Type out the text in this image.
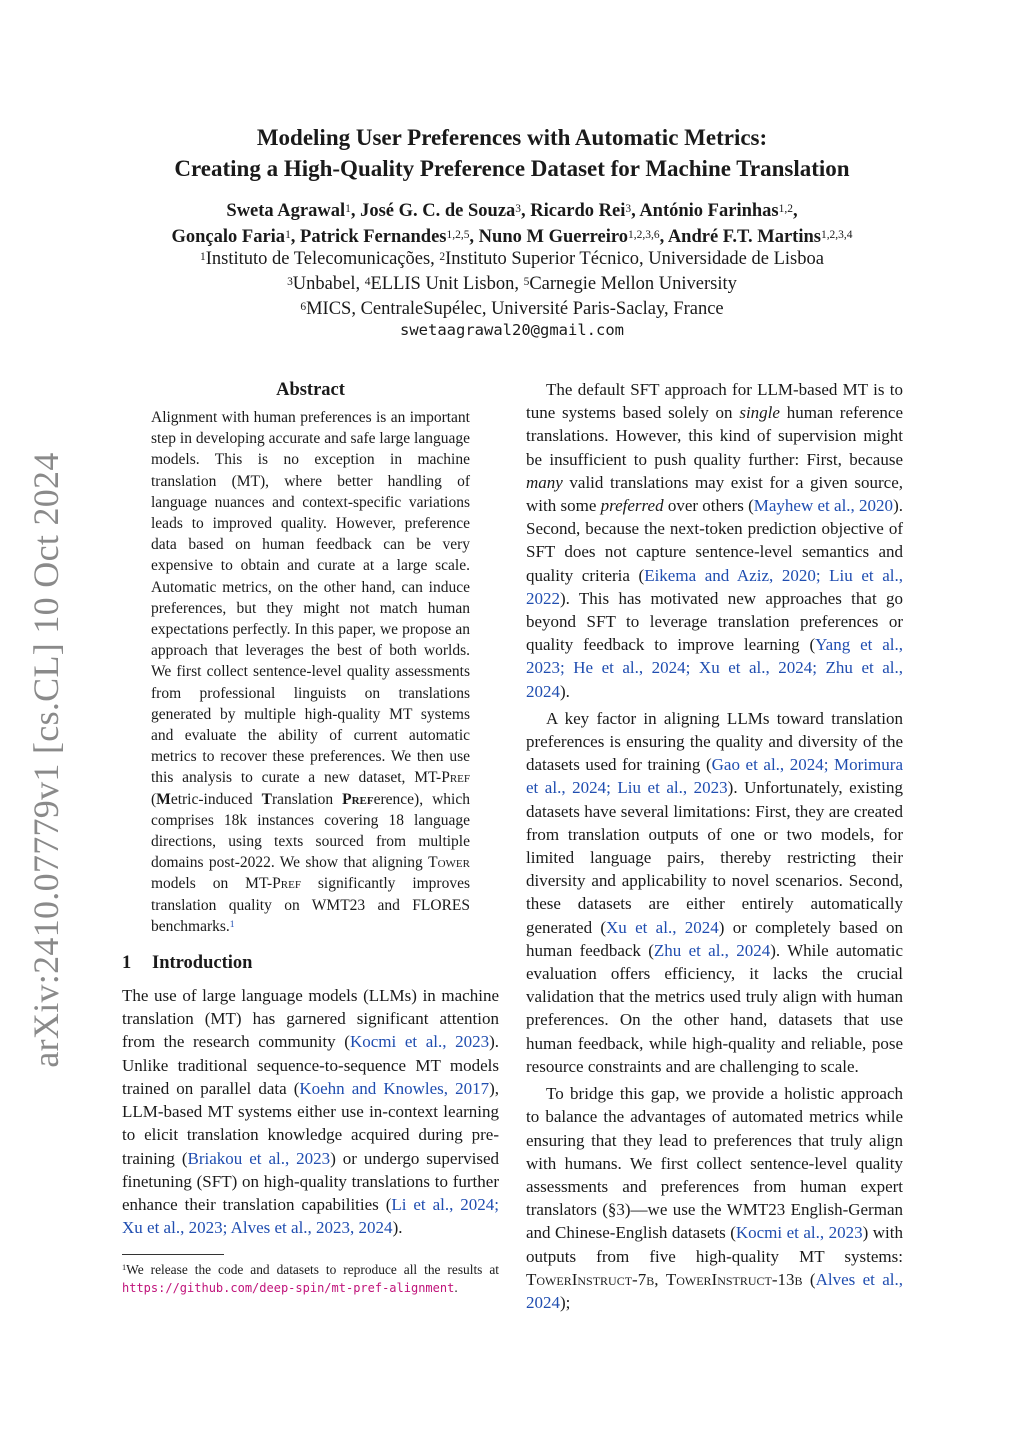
arXiv:2410.07779v1 [cs.CL] 10 Oct 2024
Modeling User Preferences with Automatic Metrics:
Creating a High-Quality Preference Dataset for Machine Translation
Sweta Agrawal$^1$, José G. C. de Souza$^3$, Ricardo Rei$^3$, António Farinhas$^{1,2}$,
Gonçalo Faria$^1$, Patrick Fernandes$^{1,2,5}$, Nuno M Guerreiro$^{1,2,3,6}$, André F.T. Martins$^{1,2,3,4}$
$^1$Instituto de Telecomunicações, $^2$Instituto Superior Técnico, Universidade de Lisboa
$^3$Unbabel, $^4$ELLIS Unit Lisbon, $^5$Carnegie Mellon University
$^6$MICS, CentraleSupélec, Université Paris-Saclay, France
swetaagrawal20@gmail.com
Abstract
Alignment with human preferences is an important step in developing accurate and safe large language models. This is no exception in machine translation (MT), where better handling of language nuances and context-specific variations leads to improved quality. However, preference data based on human feedback can be very expensive to obtain and curate at a large scale. Automatic metrics, on the other hand, can induce preferences, but they might not match human expectations perfectly. In this paper, we propose an approach that leverages the best of both worlds. We first collect sentence-level quality assessments from professional linguists on translations generated by multiple high-quality MT systems and evaluate the ability of current automatic metrics to recover these preferences. We then use this analysis to curate a new dataset, MT-Pref (Metric-induced Translation Preference), which comprises 18k instances covering 18 language directions, using texts sourced from multiple domains post-2022. We show that aligning Tower models on MT-Pref significantly improves translation quality on WMT23 and FLORES benchmarks.$^1$
1 Introduction

The use of large language models (LLMs) in machine translation (MT) has garnered significant attention from the research community (Kocmi et al., 2023). Unlike traditional sequence-to-sequence MT models trained on parallel data (Koehn and Knowles, 2017), LLM-based MT systems either use in-context learning to elicit translation knowledge acquired during pre-training (Briakou et al., 2023) or undergo supervised finetuning (SFT) on high-quality translations to further enhance their translation capabilities (Li et al., 2024; Xu et al., 2023; Alves et al., 2023, 2024).

$^1$We release the code and datasets to reproduce all the results at https://github.com/deep-spin/mt-pref-alignment.

The default SFT approach for LLM-based MT is to tune systems based solely on single human reference translations. However, this kind of supervision might be insufficient to push quality further: First, because many valid translations may exist for a given source, with some preferred over others (Mayhew et al., 2020). Second, because the next-token prediction objective of SFT does not capture sentence-level semantics and quality criteria (Eikema and Aziz, 2020; Liu et al., 2022). This has motivated new approaches that go beyond SFT to leverage translation preferences or quality feedback to improve learning (Yang et al., 2023; He et al., 2024; Xu et al., 2024; Zhu et al., 2024).

A key factor in aligning LLMs toward translation preferences is ensuring the quality and diversity of the datasets used for training (Gao et al., 2024; Morimura et al., 2024; Liu et al., 2023). Unfortunately, existing datasets have several limitations: First, they are created from translation outputs of one or two models, for limited language pairs, thereby restricting their diversity and applicability to novel scenarios. Second, these datasets are either entirely automatically generated (Xu et al., 2024) or completely based on human feedback (Zhu et al., 2024). While automatic evaluation offers efficiency, it lacks the crucial validation that the metrics used truly align with human preferences. On the other hand, datasets that use human feedback, while high-quality and reliable, pose resource constraints and are challenging to scale.

To bridge this gap, we provide a holistic approach to balance the advantages of automated metrics while ensuring that they lead to preferences that truly align with humans. We first collect sentence-level quality assessments and preferences from human expert translators (§3)—we use the WMT23 English-German and Chinese-English datasets (Kocmi et al., 2023) with outputs from five high-quality MT systems: TowerInstruct-7b, TowerInstruct-13b (Alves et al., 2024);
